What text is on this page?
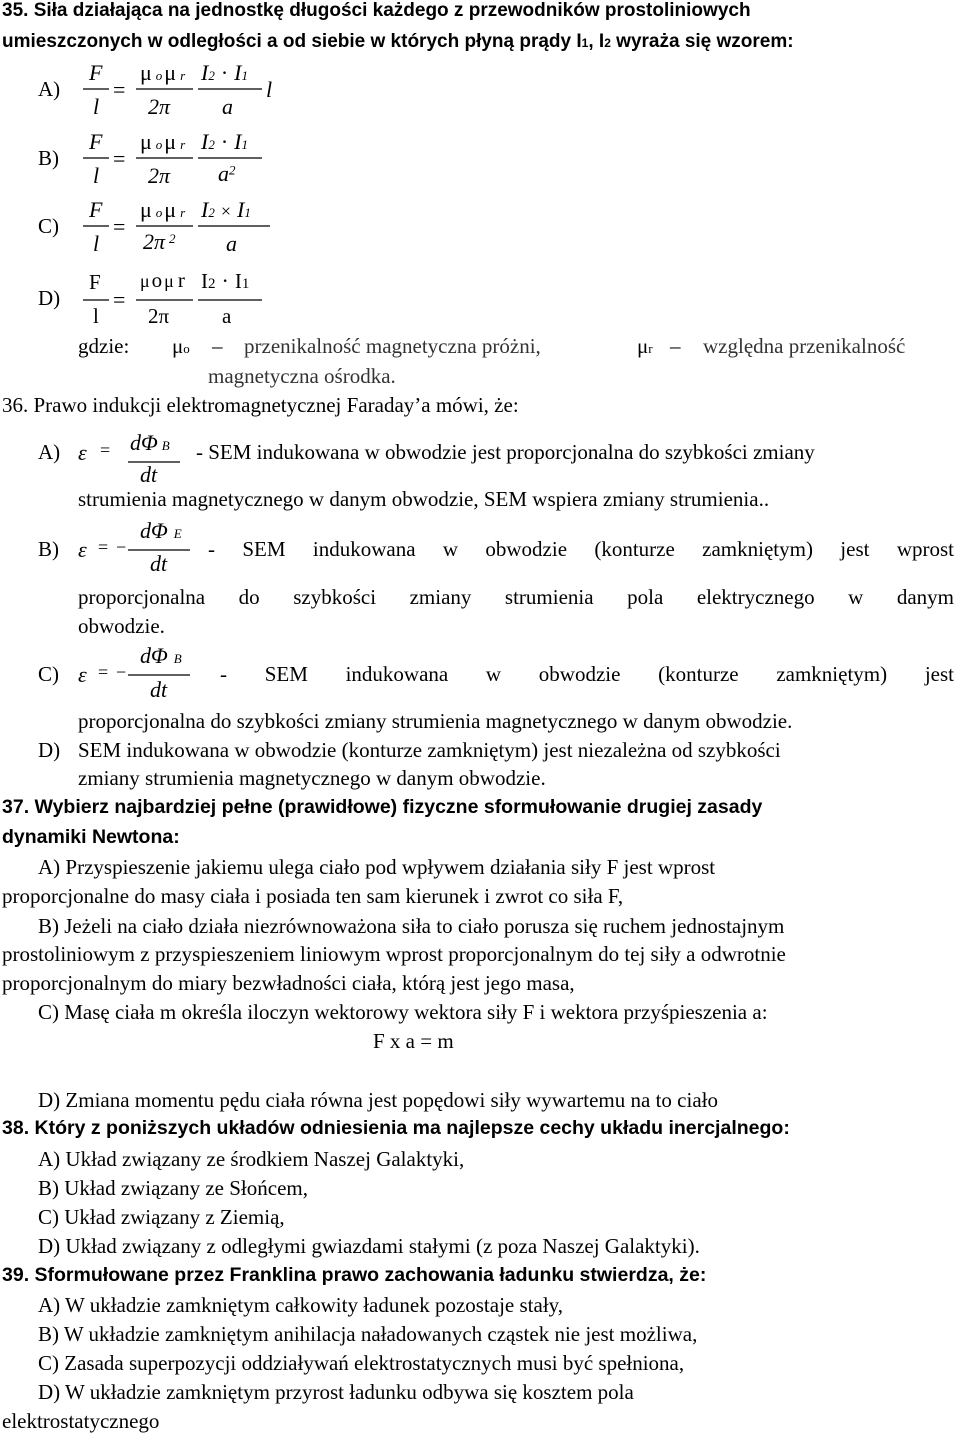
35. Siła działająca na jednostkę długości każdego z przewodników prostoliniowych
umieszczonych w odległości a od siebie w których płyną prądy I1, I2 wyraża się wzorem:
A)
F
l
=
μoμ r
2π
I2 · I1
a
l
B)
F
l
=
μoμ r
2π
I2 · I1
$a^2$
C)
F
l
=
μoμ r
2π $^2$
I2 × I1
a
D)
F
l
=
μo μ r
2π
I2 · I1
a
gdzie: μo – przenikalność magnetyczna próżni,	μr – względna przenikalność
magnetyczna ośrodka.
36. Prawo indukcji elektromagnetycznej Faraday’a mówi, że:
A) ε = dΦ B
dt
- SEM indukowana w obwodzie jest proporcjonalna do szybkości zmiany
strumienia magnetycznego w danym obwodzie, SEM wspiera zmiany strumienia..
B) ε = −
dΦ E
dt
- SEM indukowana w obwodzie (konturze zamkniętym) jest wprost
proporcjonalna do szybkości zmiany strumienia pola elektrycznego w danym
obwodzie.
C) ε = −
dΦ B
dt
- SEM indukowana w obwodzie (konturze zamkniętym) jest
proporcjonalna do szybkości zmiany strumienia magnetycznego w danym obwodzie.
D) SEM indukowana w obwodzie (konturze zamkniętym) jest niezależna od szybkości
zmiany strumienia magnetycznego w danym obwodzie.
37. Wybierz najbardziej pełne (prawidłowe) fizyczne sformułowanie drugiej zasady
dynamiki Newtona:
A) Przyspieszenie jakiemu ulega ciało pod wpływem działania siły F jest wprost
proporcjonalne do masy ciała i posiada ten sam kierunek i zwrot co siła F,
B) Jeżeli na ciało działa niezrównoważona siła to ciało porusza się ruchem jednostajnym
prostoliniowym z przyspieszeniem liniowym wprost proporcjonalnym do tej siły a odwrotnie
proporcjonalnym do miary bezwładności ciała, którą jest jego masa,
C) Masę ciała m określa iloczyn wektorowy wektora siły F i wektora przyśpieszenia a:
F x a = m
D) Zmiana momentu pędu ciała równa jest popędowi siły wywartemu na to ciało
38. Który z poniższych układów odniesienia ma najlepsze cechy układu inercjalnego:
A) Układ związany ze środkiem Naszej Galaktyki,
B) Układ związany ze Słońcem,
C) Układ związany z Ziemią,
D) Układ związany z odległymi gwiazdami stałymi (z poza Naszej Galaktyki).
39. Sformułowane przez Franklina prawo zachowania ładunku stwierdza, że:
A) W układzie zamkniętym całkowity ładunek pozostaje stały,
B) W układzie zamkniętym anihilacja naładowanych cząstek nie jest możliwa,
C) Zasada superpozycji oddziaływań elektrostatycznych musi być spełniona,
D) W układzie zamkniętym przyrost ładunku odbywa się kosztem pola
elektrostatycznego
